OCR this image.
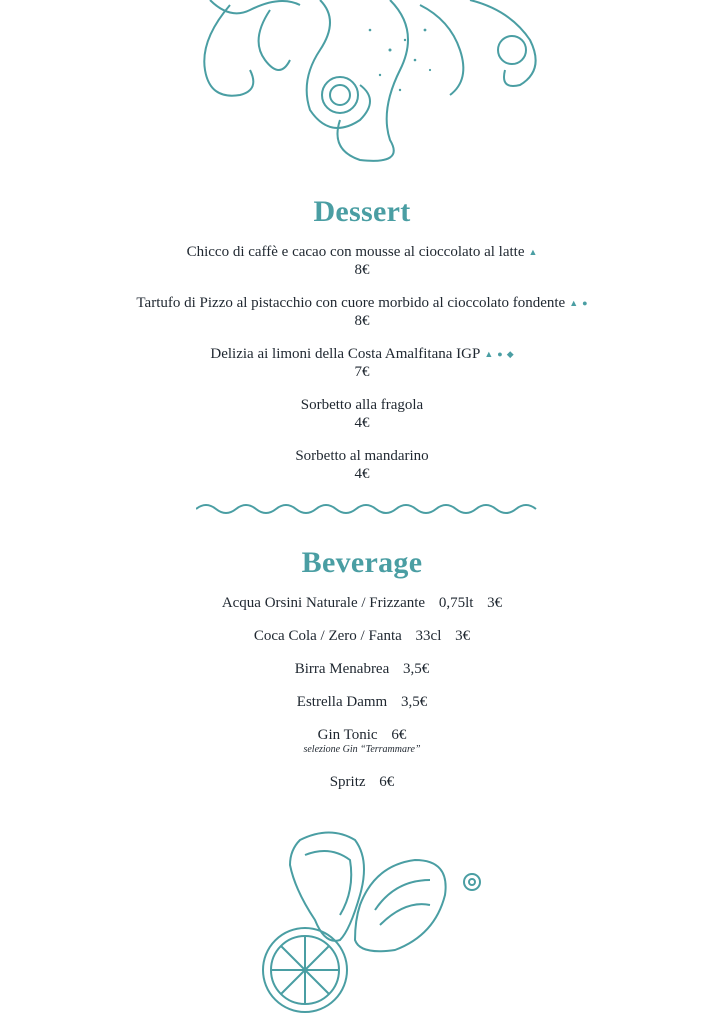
Dessert
Chicco di caffè e cacao con mousse al cioccolato al latte ▲
8€
Tartufo di Pizzo al pistacchio con cuore morbido al cioccolato fondente ▲ ●
8€
Delizia ai limoni della Costa Amalfitana IGP ▲ ● ◆
7€
Sorbetto alla fragola
4€
Sorbetto al mandarino
4€
Beverage
Acqua Orsini Naturale / Frizzante 0,75lt 3€
Coca Cola / Zero / Fanta 33cl 3€
Birra Menabrea 3,5€
Estrella Damm 3,5€
Gin Tonic 6€
selezione Gin “Terrammare”
Spritz 6€
